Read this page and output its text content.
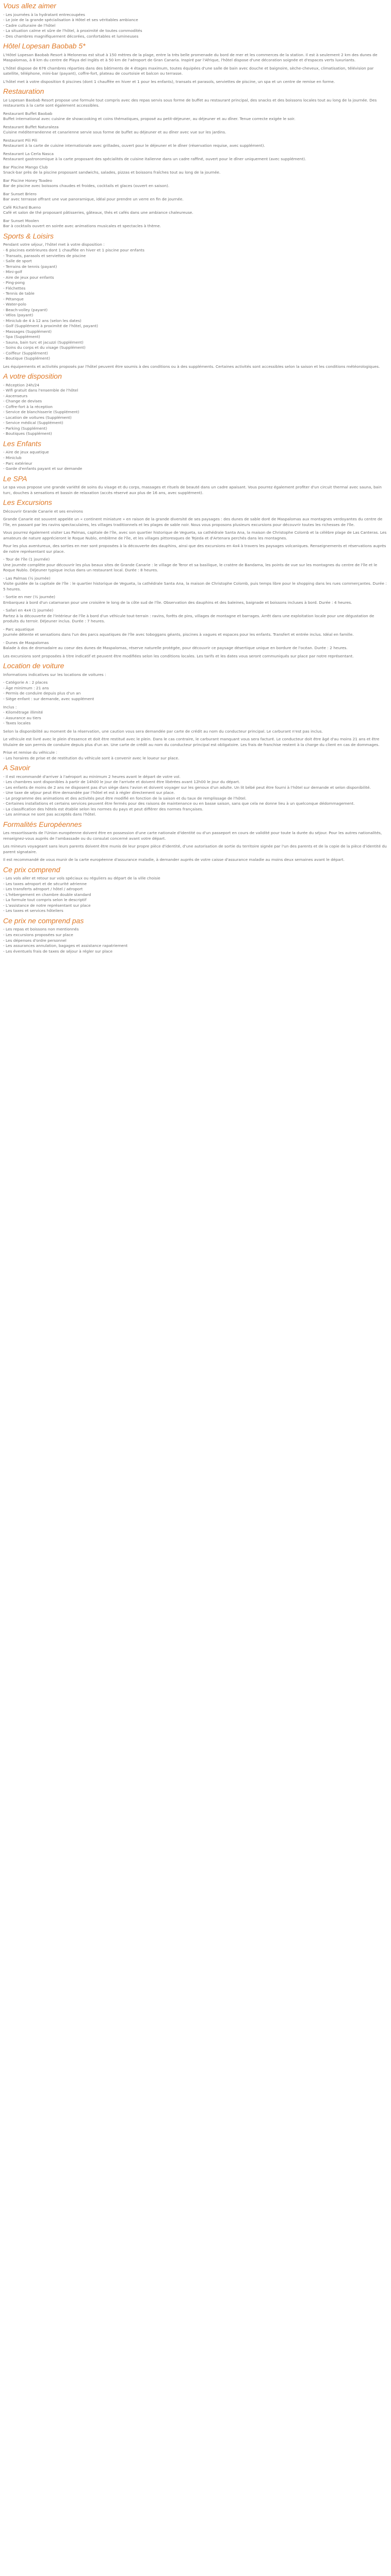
Vous allez aimer
- Les journées à la hydratant entrecoupées
- Le joie de la grande spécialisation à Hôtel et ses véritables ambiance
- Cadre culturaire de l'hôtel
- La situation calme et sûre de l'hôtel, à proximité de toutes commodités
- Des chambres magnifiquement décorées, confortables et lumineuses
Hôtel Lopesan Baobab 5*

L'Hôtel Lopesan Baobab Resort à Meloneras est situé à 150 mètres de la plage, entre la très belle promenade du bord de mer et les commerces de la station. Il est à seulement 2 km des dunes de Maspalomas, à 8 km du centre de Playa del Inglés et à 50 km de l'aéroport de Gran Canaria. Inspiré par l'Afrique, l'hôtel dispose d'une décoration soignée et d'espaces verts luxuriants.

L'hôtel dispose de 676 chambres réparties dans des bâtiments de 4 étages maximum, toutes équipées d'une salle de bain avec douche et baignoire, sèche-cheveux, climatisation, télévision par satellite, téléphone, mini-bar (payant), coffre-fort, plateau de courtoisie et balcon ou terrasse.

L'hôtel met à votre disposition 6 piscines (dont 1 chauffée en hiver et 1 pour les enfants), transats et parasols, serviettes de piscine, un spa et un centre de remise en forme.

Restauration

Le Lopesan Baobab Resort propose une formule tout compris avec des repas servis sous forme de buffet au restaurant principal, des snacks et des boissons locales tout au long de la journée. Des restaurants à la carte sont également accessibles.

Restaurant Buffet Baobab

Buffet international avec cuisine de showcooking et coins thématiques, proposé au petit-déjeuner, au déjeuner et au dîner. Tenue correcte exigée le soir.

Restaurant Buffet Naturaleza

Cuisine méditerranéenne et canarienne servie sous forme de buffet au déjeuner et au dîner avec vue sur les jardins.

Restaurant Pili Pili

Restaurant à la carte de cuisine internationale avec grillades, ouvert pour le déjeuner et le dîner (réservation requise, avec supplément).

Restaurant La Cerla Nasca

Restaurant gastronomique à la carte proposant des spécialités de cuisine italienne dans un cadre raffiné, ouvert pour le dîner uniquement (avec supplément).

Bar Piscine Mango Club

Snack-bar près de la piscine proposant sandwichs, salades, pizzas et boissons fraîches tout au long de la journée.

Bar Piscine Honey Toadeo

Bar de piscine avec boissons chaudes et froides, cocktails et glaces (ouvert en saison).

Bar Sunset Briero

Bar avec terrasse offrant une vue panoramique, idéal pour prendre un verre en fin de journée.

Café Richard Bueno

Café et salon de thé proposant pâtisseries, gâteaux, thés et cafés dans une ambiance chaleureuse.

Bar Sunset Moolen

Bar à cocktails ouvert en soirée avec animations musicales et spectacles à thème.

Sports & Loisirs

Pendant votre séjour, l'hôtel met à votre disposition :

- 6 piscines extérieures dont 1 chauffée en hiver et 1 piscine pour enfants
- Transats, parasols et serviettes de piscine
- Salle de sport
- Terrains de tennis (payant)
- Mini-golf
- Aire de jeux pour enfants
- Ping-pong
- Fléchettes
- Tennis de table
- Pétanque
- Water-polo
- Beach-volley (payant)
- Vélos (payant)
- Miniclub de 4 à 12 ans (selon les dates)
- Golf (Supplément à proximité de l'hôtel, payant)
- Massages (Supplément)
- Spa (Supplément)
- Sauna, bain turc et jacuzzi (Supplément)
- Soins du corps et du visage (Supplément)
- Coiffeur (Supplément)
- Boutique (Supplément)

Les équipements et activités proposés par l'hôtel peuvent être soumis à des conditions ou à des suppléments. Certaines activités sont accessibles selon la saison et les conditions météorologiques.

A votre disposition
- Réception 24h/24
- Wifi gratuit dans l'ensemble de l'hôtel
- Ascenseurs
- Change de devises
- Coffre-fort à la réception
- Service de blanchisserie (Supplément)
- Location de voitures (Supplément)
- Service médical (Supplément)
- Parking (Supplément)
- Boutiques (Supplément)
Les Enfants
- Aire de jeux aquatique
- Miniclub
- Parc extérieur
- Garde d'enfants payant et sur demande
Le SPA

Le spa vous propose une grande variété de soins du visage et du corps, massages et rituels de beauté dans un cadre apaisant. Vous pourrez également profiter d'un circuit thermal avec sauna, bain turc, douches à sensations et bassin de relaxation (accès réservé aux plus de 16 ans, avec supplément).

Les Excursions

Découvrir Grande Canarie et ses environs

Grande Canarie est souvent appelée un « continent miniature » en raison de la grande diversité de ses paysages : des dunes de sable doré de Maspalomas aux montagnes verdoyantes du centre de l'île, en passant par les ravins spectaculaires, les villages traditionnels et les plages de sable noir. Nous vous proposons plusieurs excursions pour découvrir toutes les richesses de l'île.

Vous pourrez également visiter Las Palmas, capitale de l'île, avec son quartier historique de Vegueta, sa cathédrale Santa Ana, la maison de Christophe Colomb et la célèbre plage de Las Canteras. Les amateurs de nature apprécieront le Roque Nublo, emblème de l'île, et les villages pittoresques de Tejeda et d'Artenara perchés dans les montagnes.

Pour les plus aventureux, des sorties en mer sont proposées à la découverte des dauphins, ainsi que des excursions en 4x4 à travers les paysages volcaniques. Renseignements et réservations auprès de notre représentant sur place.

- Tour de l'île (1 journée)

Une journée complète pour découvrir les plus beaux sites de Grande Canarie : le village de Teror et sa basilique, le cratère de Bandama, les points de vue sur les montagnes du centre de l'île et le Roque Nublo. Déjeuner typique inclus dans un restaurant local. Durée : 8 heures.

- Las Palmas (½ journée)

Visite guidée de la capitale de l'île : le quartier historique de Vegueta, la cathédrale Santa Ana, la maison de Christophe Colomb, puis temps libre pour le shopping dans les rues commerçantes. Durée : 5 heures.

- Sortie en mer (½ journée)

Embarquez à bord d'un catamaran pour une croisière le long de la côte sud de l'île. Observation des dauphins et des baleines, baignade et boissons incluses à bord. Durée : 4 heures.

- Safari en 4x4 (1 journée)

Partez à la découverte de l'intérieur de l'île à bord d'un véhicule tout-terrain : ravins, forêts de pins, villages de montagne et barrages. Arrêt dans une exploitation locale pour une dégustation de produits du terroir. Déjeuner inclus. Durée : 7 heures.

- Parc aquatique

Journée détente et sensations dans l'un des parcs aquatiques de l'île avec toboggans géants, piscines à vagues et espaces pour les enfants. Transfert et entrée inclus. Idéal en famille.

- Dunes de Maspalomas

Balade à dos de dromadaire au coeur des dunes de Maspalomas, réserve naturelle protégée, pour découvrir ce paysage désertique unique en bordure de l'océan. Durée : 2 heures.

Les excursions sont proposées à titre indicatif et peuvent être modifiées selon les conditions locales. Les tarifs et les dates vous seront communiqués sur place par notre représentant.

Location de voiture

Informations indicatives sur les locations de voitures :

- Catégorie A : 2 places
- Âge minimum : 21 ans
- Permis de conduire depuis plus d'un an
- Siège enfant : sur demande, avec supplément

Inclus :

- Kilométrage illimité
- Assurance au tiers
- Taxes locales

Selon la disponibilité au moment de la réservation, une caution vous sera demandée par carte de crédit au nom du conducteur principal. Le carburant n'est pas inclus.

Le véhicule est livré avec le plein d'essence et doit être restitué avec le plein. Dans le cas contraire, le carburant manquant vous sera facturé. Le conducteur doit être âgé d'au moins 21 ans et être titulaire de son permis de conduire depuis plus d'un an. Une carte de crédit au nom du conducteur principal est obligatoire. Les frais de franchise restent à la charge du client en cas de dommages.

Prise et remise du véhicule :

- Les horaires de prise et de restitution du véhicule sont à convenir avec le loueur sur place.

A Savoir
- Il est recommandé d'arriver à l'aéroport au minimum 2 heures avant le départ de votre vol.
- Les chambres sont disponibles à partir de 14h00 le jour de l'arrivée et doivent être libérées avant 12h00 le jour du départ.
- Les enfants de moins de 2 ans ne disposent pas d'un siège dans l'avion et doivent voyager sur les genoux d'un adulte. Un lit bébé peut être fourni à l'hôtel sur demande et selon disponibilité.
- Une taxe de séjour peut être demandée par l'hôtel et est à régler directement sur place.
- Le programme des animations et des activités peut être modifié en fonction de la saison et du taux de remplissage de l'hôtel.
- Certaines installations et certains services peuvent être fermés pour des raisons de maintenance ou en basse saison, sans que cela ne donne lieu à un quelconque dédommagement.
- La classification des hôtels est établie selon les normes du pays et peut différer des normes françaises.
- Les animaux ne sont pas acceptés dans l'hôtel.
Formalités Européennes

Les ressortissants de l'Union européenne doivent être en possession d'une carte nationale d'identité ou d'un passeport en cours de validité pour toute la durée du séjour. Pour les autres nationalités, renseignez-vous auprès de l'ambassade ou du consulat concerné avant votre départ.

Les mineurs voyageant sans leurs parents doivent être munis de leur propre pièce d'identité, d'une autorisation de sortie du territoire signée par l'un des parents et de la copie de la pièce d'identité du parent signataire.

Il est recommandé de vous munir de la carte européenne d'assurance maladie, à demander auprès de votre caisse d'assurance maladie au moins deux semaines avant le départ.

Ce prix comprend
- Les vols aller et retour sur vols spéciaux ou réguliers au départ de la ville choisie
- Les taxes aéroport et de sécurité aérienne
- Les transferts aéroport / hôtel / aéroport
- L'hébergement en chambre double standard
- La formule tout compris selon le descriptif
- L'assistance de notre représentant sur place
- Les taxes et services hôteliers
Ce prix ne comprend pas
- Les repas et boissons non mentionnés
- Les excursions proposées sur place
- Les dépenses d'ordre personnel
- Les assurances annulation, bagages et assistance rapatriement
- Les éventuels frais de taxes de séjour à régler sur place
